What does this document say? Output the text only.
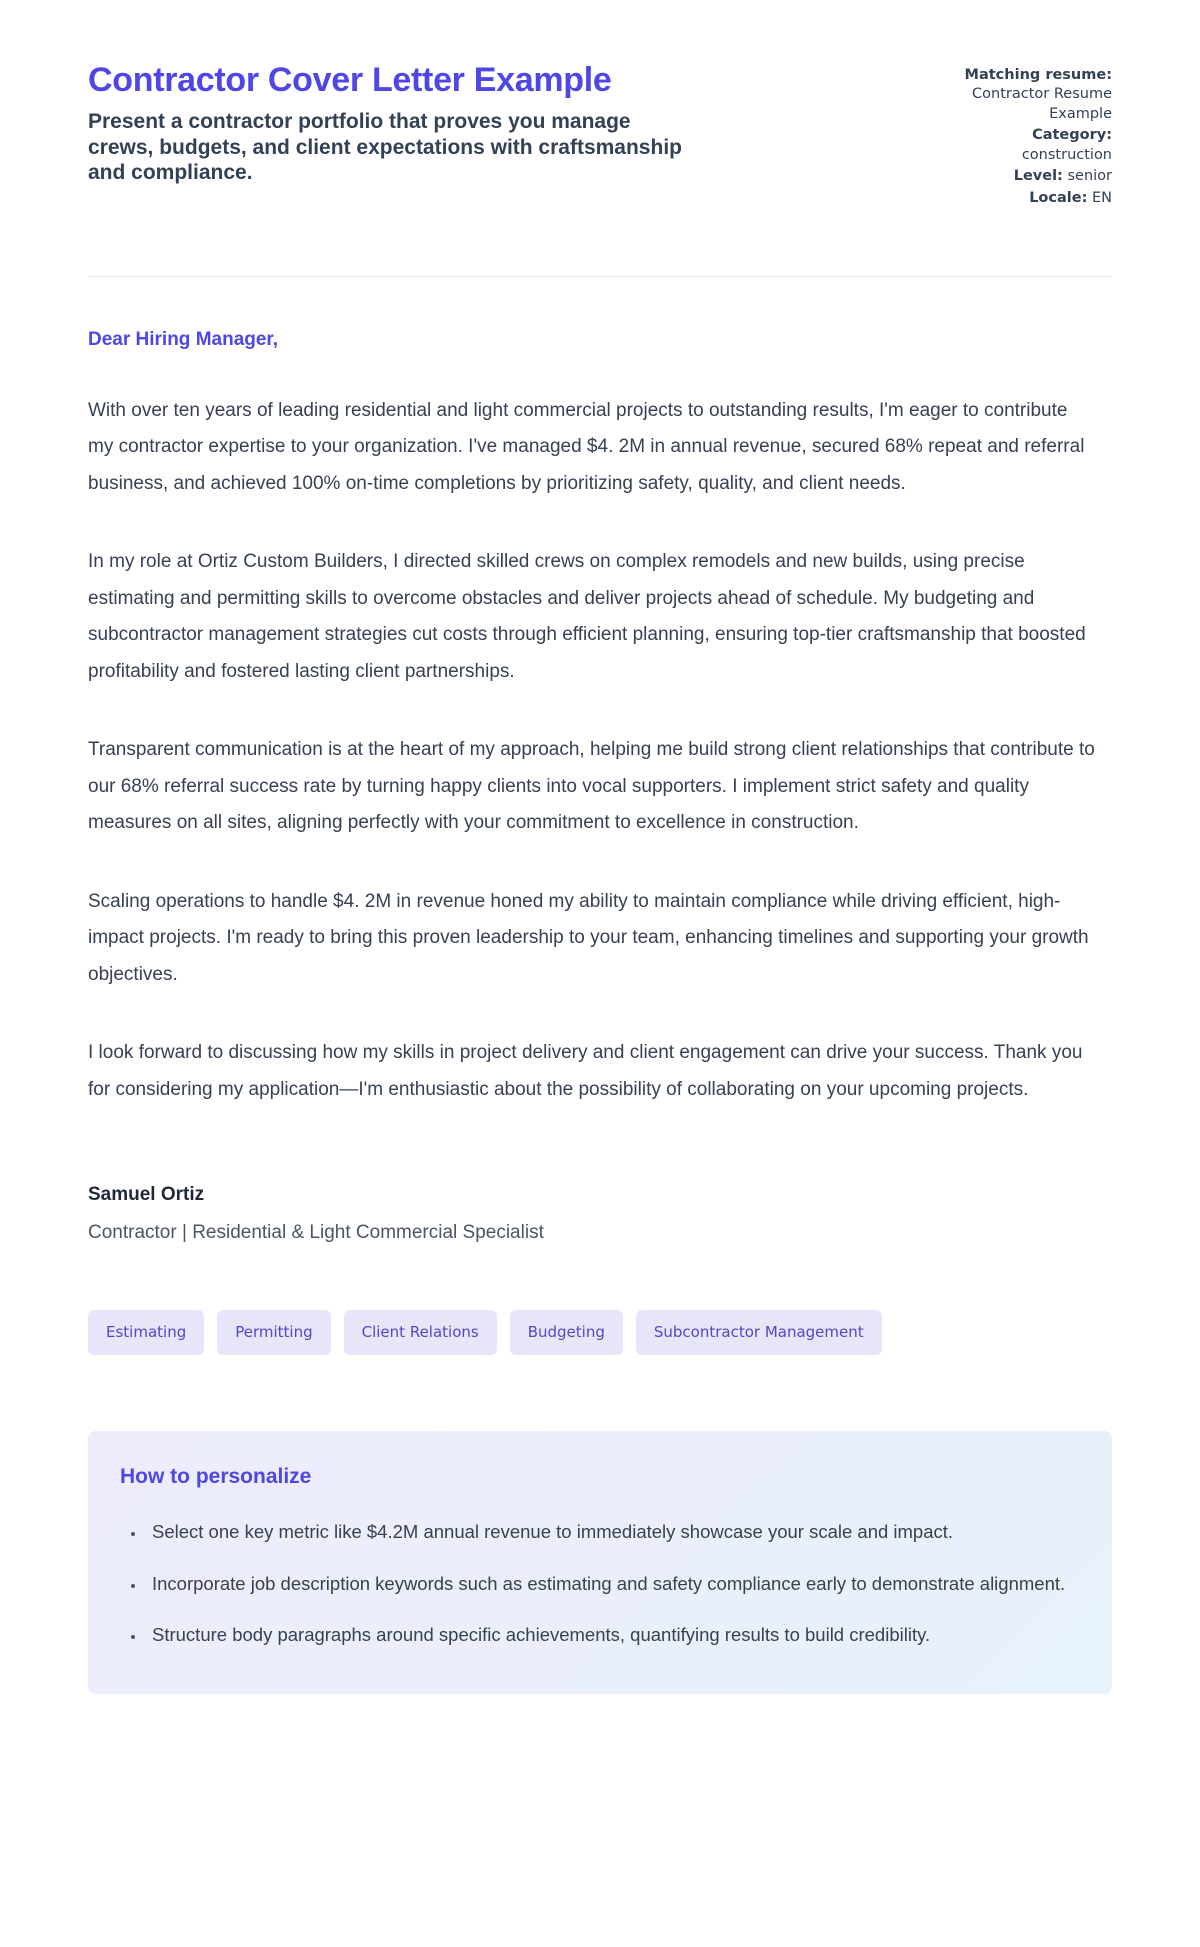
Contractor Cover Letter Example

Present a contractor portfolio that proves you manage crews, budgets, and client expectations with craftsmanship and compliance.

Matching resume: Contractor Resume Example
Category: construction
Level: senior
Locale: EN

Dear Hiring Manager,

With over ten years of leading residential and light commercial projects to outstanding results, I'm eager to contribute my contractor expertise to your organization. I've managed $4. 2M in annual revenue, secured 68% repeat and referral business, and achieved 100% on-time completions by prioritizing safety, quality, and client needs.

In my role at Ortiz Custom Builders, I directed skilled crews on complex remodels and new builds, using precise estimating and permitting skills to overcome obstacles and deliver projects ahead of schedule. My budgeting and subcontractor management strategies cut costs through efficient planning, ensuring top-tier craftsmanship that boosted profitability and fostered lasting client partnerships.

Transparent communication is at the heart of my approach, helping me build strong client relationships that contribute to our 68% referral success rate by turning happy clients into vocal supporters. I implement strict safety and quality measures on all sites, aligning perfectly with your commitment to excellence in construction.

Scaling operations to handle $4. 2M in revenue honed my ability to maintain compliance while driving efficient, high-impact projects. I'm ready to bring this proven leadership to your team, enhancing timelines and supporting your growth objectives.

I look forward to discussing how my skills in project delivery and client engagement can drive your success. Thank you for considering my application—I'm enthusiastic about the possibility of collaborating on your upcoming projects.

Samuel Ortiz

Contractor | Residential & Light Commercial Specialist

Estimating	Permitting	Client Relations	Budgeting	Subcontractor Management
How to personalize
• Select one key metric like $4.2M annual revenue to immediately showcase your scale and impact.
• Incorporate job description keywords such as estimating and safety compliance early to demonstrate alignment.
• Structure body paragraphs around specific achievements, quantifying results to build credibility.
